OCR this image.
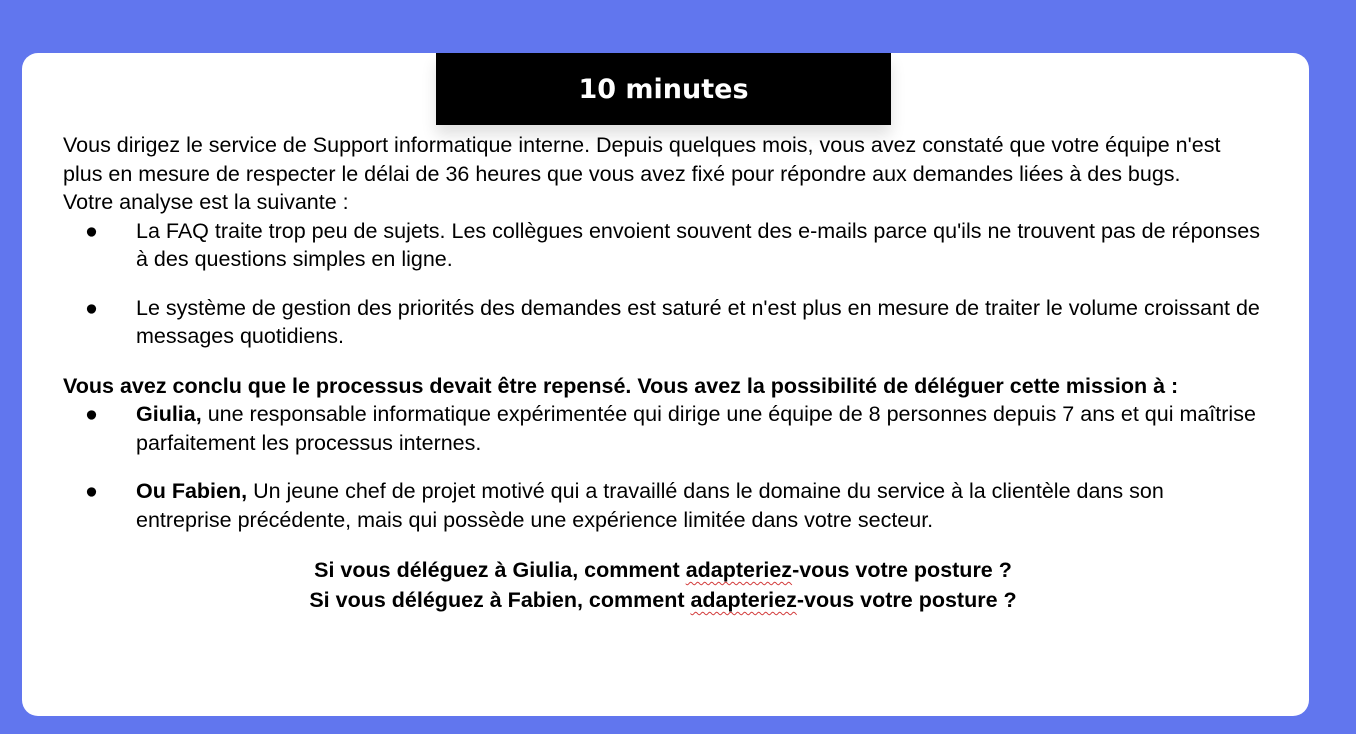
10 minutes

Vous dirigez le service de Support informatique interne. Depuis quelques mois, vous avez constaté que votre équipe n'est plus en mesure de respecter le délai de 36 heures que vous avez fixé pour répondre aux demandes liées à des bugs.

Votre analyse est la suivante :

● La FAQ traite trop peu de sujets. Les collègues envoient souvent des e-mails parce qu'ils ne trouvent pas de réponses à des questions simples en ligne.
● Le système de gestion des priorités des demandes est saturé et n'est plus en mesure de traiter le volume croissant de messages quotidiens.

Vous avez conclu que le processus devait être repensé. Vous avez la possibilité de déléguer cette mission à :

● Giulia, une responsable informatique expérimentée qui dirige une équipe de 8 personnes depuis 7 ans et qui maîtrise parfaitement les processus internes.
● Ou Fabien, Un jeune chef de projet motivé qui a travaillé dans le domaine du service à la clientèle dans son entreprise précédente, mais qui possède une expérience limitée dans votre secteur.
Si vous déléguez à Giulia, comment adapteriez-vous votre posture ?
Si vous déléguez à Fabien, comment adapteriez-vous votre posture ?
